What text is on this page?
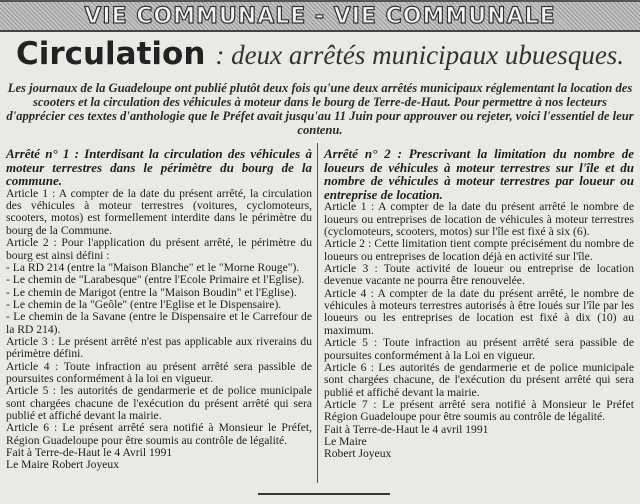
VIE COMMUNALE - VIE COMMUNALE
Circulation : deux arrêtés municipaux ubuesques.
Les journaux de la Guadeloupe ont publié plutôt deux fois qu'une deux arrêtés municipaux réglementant la location des scooters et la circulation des véhicules à moteur dans le bourg de Terre-de-Haut. Pour permettre à nos lecteurs d'apprécier ces textes d'anthologie que le Préfet avait jusqu'au 11 Juin pour approuver ou rejeter, voici l'essentiel de leur contenu.

Arrêté n° 1 : Interdisant la circulation des véhicules à moteur terrestres dans le périmètre du bourg de la commune.

Article 1 : A compter de la date du présent arrêté, la circulation des véhicules à moteur terrestres (voitures, cyclomoteurs, scooters, motos) est formellement interdite dans le périmètre du bourg de la Commune.

Article 2 : Pour l'application du présent arrêté, le périmètre du bourg est ainsi défini :

- La RD 214 (entre la "Maison Blanche" et le "Morne Rouge").

- Le chemin de "Larabesque" (entre l'Ecole Primaire et l'Eglise).

- Le chemin de Marigot (entre la "Maison Boudin" et l'Eglise).

- Le chemin de la "Geôle" (entre l'Eglise et le Dispensaire).

- Le chemin de la Savane (entre le Dispensaire et le Carrefour de la RD 214).

Article 3 : Le présent arrêté n'est pas applicable aux riverains du périmètre défini.

Article 4 : Toute infraction au présent arrêté sera passible de poursuites conformément à la loi en vigueur.

Article 5 : les autorités de gendarmerie et de police municipale sont chargées chacune de l'exécution du présent arrêté qui sera publié et affiché devant la mairie.

Article 6 : Le présent arrêté sera notifié à Monsieur le Préfet, Région Guadeloupe pour être soumis au contrôle de légalité.

Fait à Terre-de-Haut le 4 Avril 1991

Le Maire Robert Joyeux

Arrêté n° 2 : Prescrivant la limitation du nombre de loueurs de véhicules à moteur terrestres sur l'île et du nombre de véhicules à moteur terrestres par loueur ou entreprise de location.

Article 1 : A compter de la date du présent arrêté le nombre de loueurs ou entreprises de location de véhicules à moteur terrestres (cyclomoteurs, scooters, motos) sur l'île est fixé à six (6).

Article 2 : Cette limitation tient compte précisément du nombre de loueurs ou entreprises de location déjà en activité sur l'île.

Article 3 : Toute activité de loueur ou entreprise de location devenue vacante ne pourra être renouvelée.

Article 4 : A compter de la date du présent arrêté, le nombre de véhicules à moteurs terrestres autorisés à être loués sur l'île par les loueurs ou les entreprises de location est fixé à dix (10) au maximum.

Article 5 : Toute infraction au présent arrêté sera passible de poursuites conformément à la Loi en vigueur.

Article 6 : Les autorités de gendarmerie et de police municipale sont chargées chacune, de l'exécution du présent arrêté qui sera publié et affiché devant la mairie.

Article 7 : Le présent arrêté sera notifié à Monsieur le Préfet Région Guadeloupe pour être soumis au contrôle de légalité.

Fait à Terre-de-Haut le 4 avril 1991

Le Maire

Robert Joyeux
